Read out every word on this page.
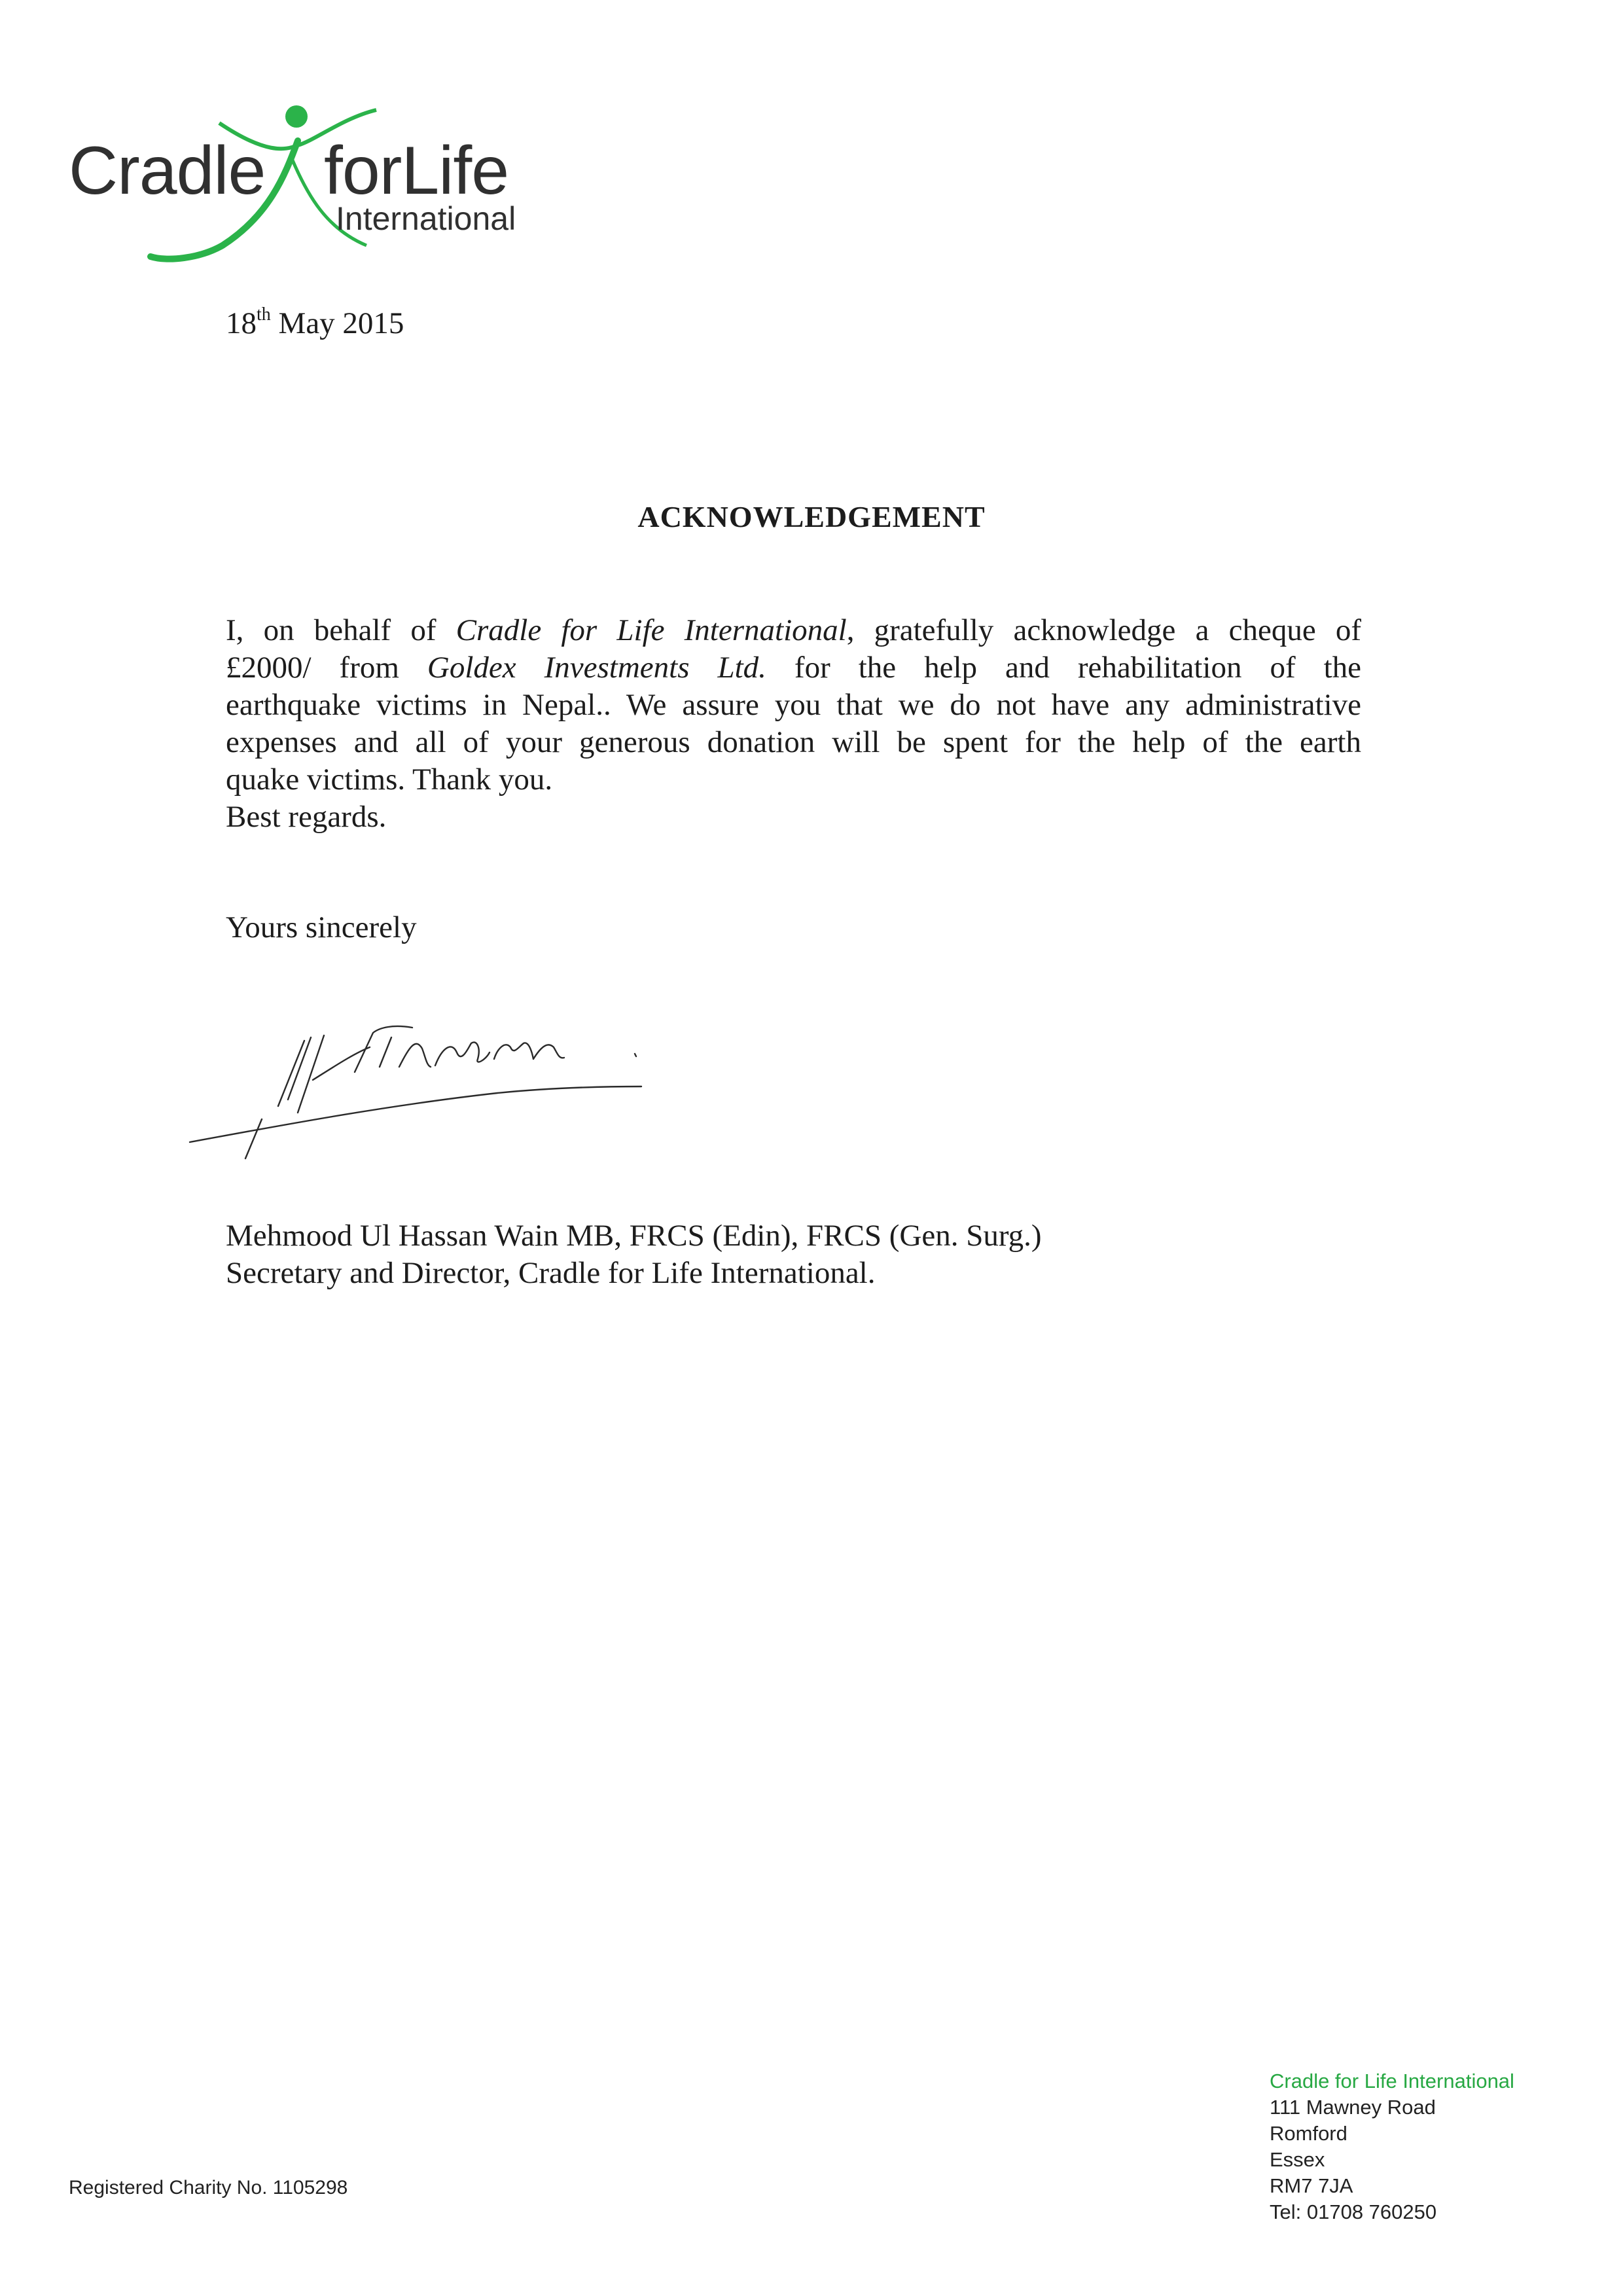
Cradle forLife
International
18th May 2015
ACKNOWLEDGEMENT
I, on behalf of Cradle for Life International, gratefully acknowledge a cheque of
£2000/ from Goldex Investments Ltd. for the help and rehabilitation of the
earthquake victims in Nepal.. We assure you that we do not have any administrative
expenses and all of your generous donation will be spent for the help of the earth
quake victims. Thank you.
Best regards.
Yours sincerely
Mehmood Ul Hassan Wain MB, FRCS (Edin), FRCS (Gen. Surg.)
Secretary and Director, Cradle for Life International.
Registered Charity No. 1105298
Cradle for Life International
111 Mawney Road
Romford
Essex
RM7 7JA
Tel: 01708 760250
